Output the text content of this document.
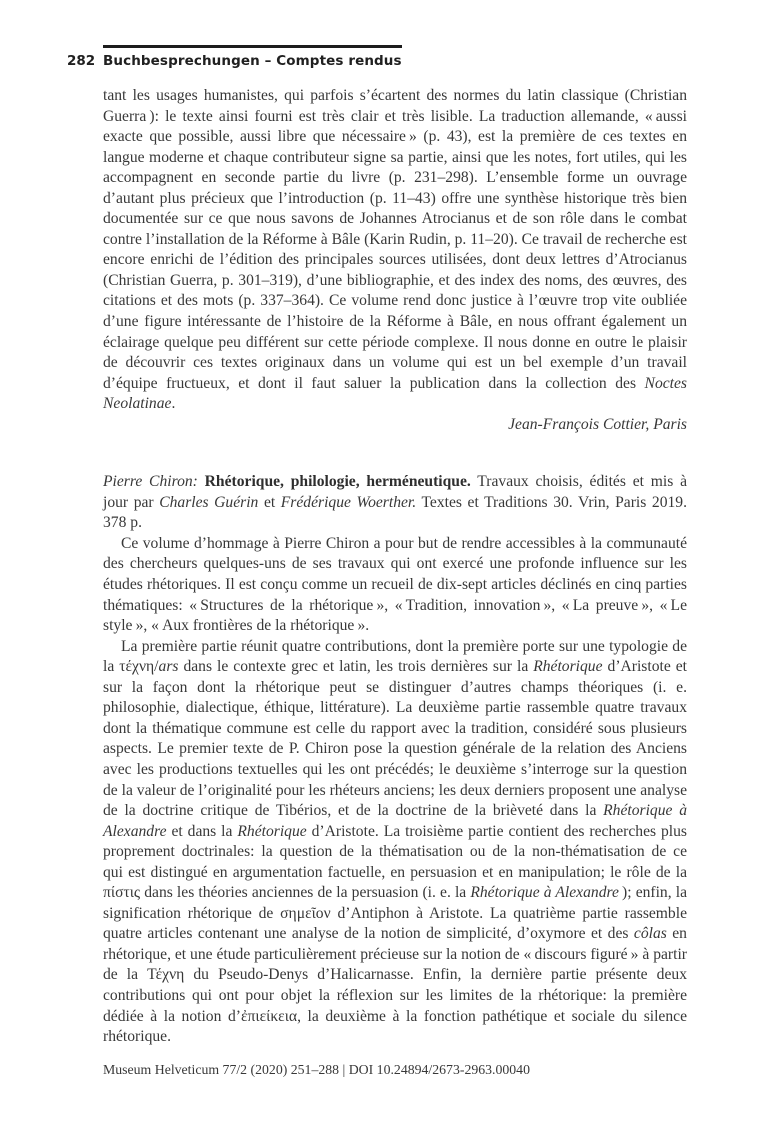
282 Buchbesprechungen – Comptes rendus

tant les usages humanistes, qui parfois s’écartent des normes du latin classique (Christian Guerra ): le texte ainsi fourni est très clair et très lisible. La traduction allemande, « aussi exacte que possible, aussi libre que nécessaire » (p. 43), est la première de ces textes en langue moderne et chaque contributeur signe sa partie, ainsi que les notes, fort utiles, qui les accompagnent en seconde partie du livre (p. 231–298). L’ensemble forme un ouvrage d’autant plus précieux que l’introduction (p. 11–43) offre une synthèse historique très bien documentée sur ce que nous savons de Johannes Atrocianus et de son rôle dans le combat contre l’installation de la Réforme à Bâle (Karin Rudin, p. 11–20). Ce travail de recherche est encore enrichi de l’édition des principales sources utilisées, dont deux lettres d’Atrocianus (Christian Guerra, p. 301–319), d’une bibliographie, et des index des noms, des œuvres, des citations et des mots (p. 337–364). Ce volume rend donc justice à l’œuvre trop vite oubliée d’une figure intéressante de l’histoire de la Réforme à Bâle, en nous offrant également un éclairage quelque peu différent sur cette période complexe. Il nous donne en outre le plaisir de découvrir ces textes originaux dans un volume qui est un bel exemple d’un travail d’équipe fructueux, et dont il faut saluer la publication dans la collection des Noctes Neolatinae.

Jean-François Cottier, Paris

Pierre Chiron: Rhétorique, philologie, herméneutique. Travaux choisis, édités et mis à jour par Charles Guérin et Frédérique Woerther. Textes et Traditions 30. Vrin, Paris 2019. 378 p.

Ce volume d’hommage à Pierre Chiron a pour but de rendre accessibles à la communauté des chercheurs quelques-uns de ses travaux qui ont exercé une profonde influence sur les études rhétoriques. Il est conçu comme un recueil de dix-sept articles déclinés en cinq parties thématiques: « Structures de la rhétorique », « Tradition, innovation », « La preuve », « Le style », « Aux frontières de la rhétorique ».

La première partie réunit quatre contributions, dont la première porte sur une typologie de la τέχνη/ars dans le contexte grec et latin, les trois dernières sur la Rhétorique d’Aristote et sur la façon dont la rhétorique peut se distinguer d’autres champs théoriques (i. e. philosophie, dialectique, éthique, littérature). La deuxième partie rassemble quatre travaux dont la thématique commune est celle du rapport avec la tradition, considéré sous plusieurs aspects. Le premier texte de P. Chiron pose la question générale de la relation des Anciens avec les productions textuelles qui les ont précédés; le deuxième s’interroge sur la question de la valeur de l’originalité pour les rhéteurs anciens; les deux derniers proposent une analyse de la doctrine critique de Tibérios, et de la doctrine de la brièveté dans la Rhétorique à Alexandre et dans la Rhétorique d’Aristote. La troisième partie contient des recherches plus proprement doctrinales: la question de la thématisation ou de la non-thématisation de ce qui est distingué en argumentation factuelle, en persuasion et en manipulation; le rôle de la πίστις dans les théories anciennes de la persuasion (i. e. la Rhétorique à Alexandre ); enfin, la signification rhétorique de σημεῖον d’Antiphon à Aristote. La quatrième partie rassemble quatre articles contenant une analyse de la notion de simplicité, d’oxymore et des côlas en rhétorique, et une étude particulièrement précieuse sur la notion de « discours figuré » à partir de la Τέχνη du Pseudo-Denys d’Halicarnasse. Enfin, la dernière partie présente deux contributions qui ont pour objet la réflexion sur les limites de la rhétorique: la première dédiée à la notion d’ἐπιείκεια, la deuxième à la fonction pathétique et sociale du silence rhétorique.

Museum Helveticum 77/2 (2020) 251–288 | DOI 10.24894/2673-2963.00040
